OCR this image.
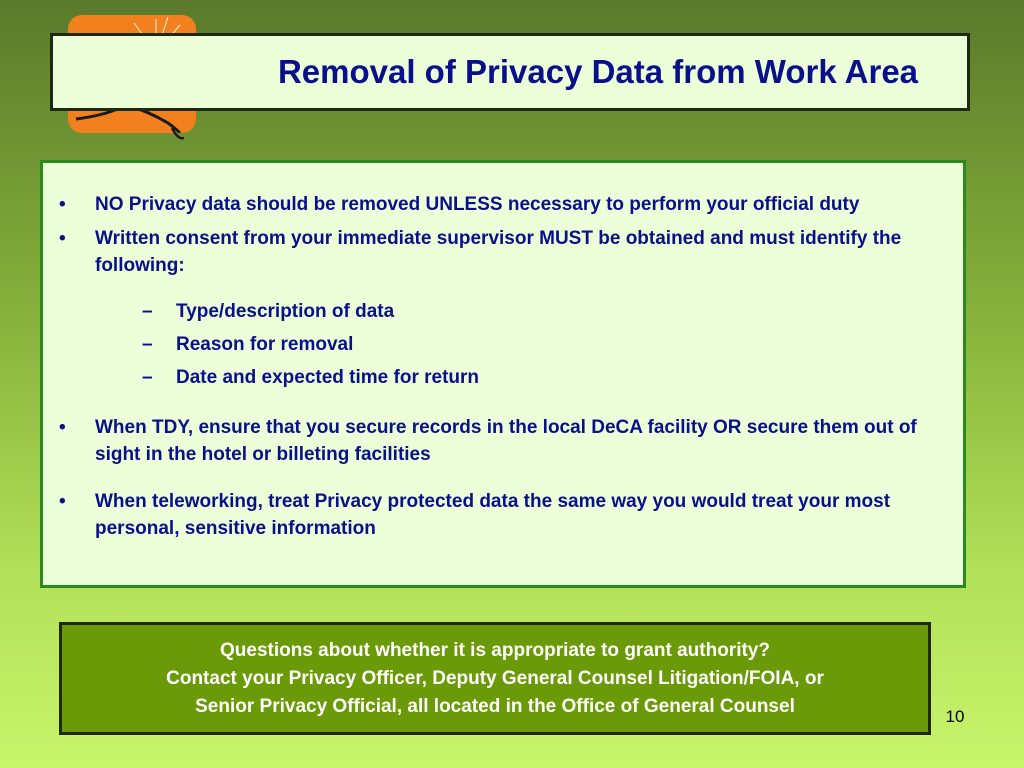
Removal of Privacy Data from Work Area
•	NO Privacy data should be removed UNLESS necessary to perform your official duty
•	Written consent from your immediate supervisor MUST be obtained and must identify the following:
– Type/description of data
– Reason for removal
– Date and expected time for return
•	When TDY, ensure that you secure records in the local DeCA facility OR secure them out of sight in the hotel or billeting facilities
•	When teleworking, treat Privacy protected data the same way you would treat your most personal, sensitive information
Questions about whether it is appropriate to grant authority?
Contact your Privacy Officer, Deputy General Counsel Litigation/FOIA, or
Senior Privacy Official, all located in the Office of General Counsel	10
